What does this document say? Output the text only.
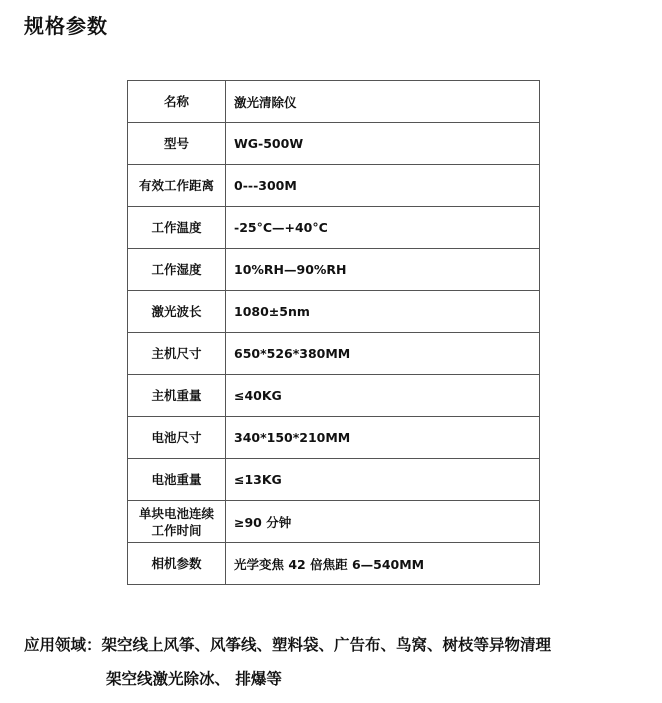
规格参数
名称	激光清除仪
型号	WG-500W
有效工作距离	0---300M
工作温度	-25°C—+40°C
工作湿度	10%RH—90%RH
激光波长	1080±5nm
主机尺寸	650*526*380MM
主机重量	≤40KG
电池尺寸	340*150*210MM
电池重量	≤13KG
单块电池连续
工作时间	≥90 分钟
相机参数	光学变焦 42 倍焦距 6—540MM
应用领域：架空线上风筝、风筝线、塑料袋、广告布、鸟窝、树枝等异物清理
架空线激光除冰、 排爆等
